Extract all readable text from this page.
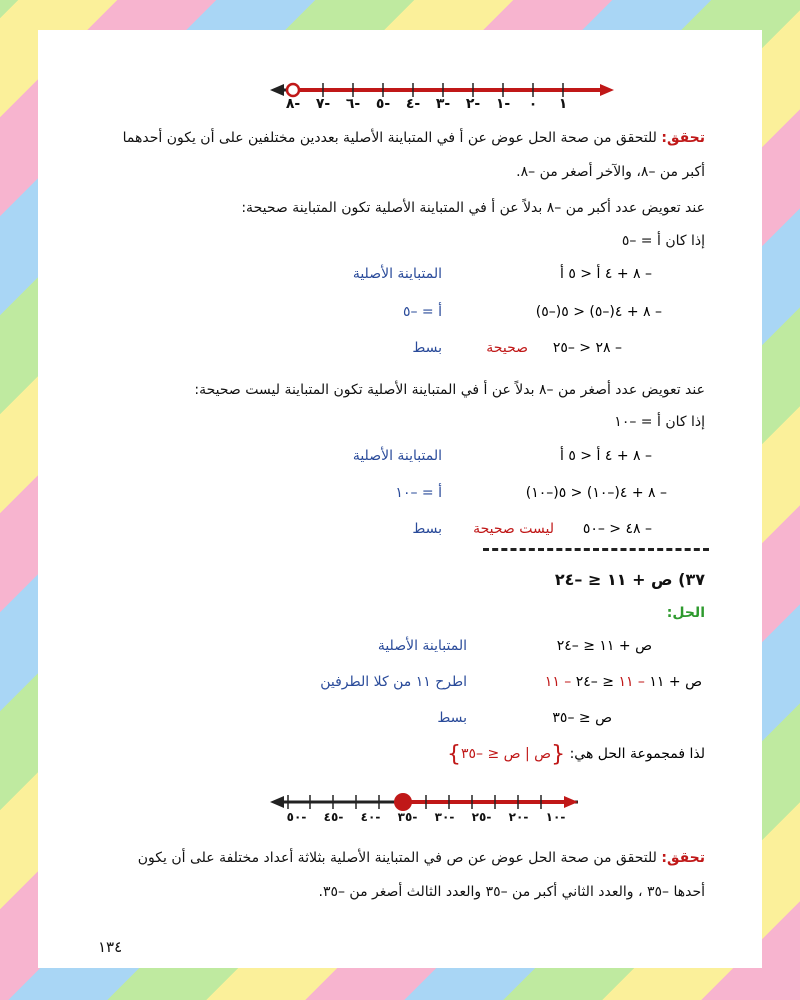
٨-	٧-	٦-	٥-	٤-	٣-	٢-	١-	٠	١
تحقق: للتحقق من صحة الحل عوض عن أ في المتباينة الأصلية بعددين مختلفين على أن يكون أحدهما
أكبر من –٨، والآخر أصغر من –٨.
عند تعويض عدد أكبر من –٨ بدلاً عن أ في المتباينة الأصلية تكون المتباينة صحيحة:
إذا كان أ = –٥
– ٨ + ٤ أ < ٥ أ
المتباينة الأصلية
– ٨ + ٤(–٥) < ٥(–٥)
أ = –٥
– ٢٨ < –٢٥
صحيحة
بسط
عند تعويض عدد أصغر من –٨ بدلاً عن أ في المتباينة الأصلية تكون المتباينة ليست صحيحة:
إذا كان أ = –١٠
– ٨ + ٤ أ < ٥ أ
المتباينة الأصلية
– ٨ + ٤(–١٠) < ٥(–١٠)
أ = –١٠
– ٤٨ < –٥٠
ليست صحيحة
بسط
٣٧) ص + ١١ ≤ –٢٤
الحل:
ص + ١١ ≤ –٢٤
المتباينة الأصلية
ص + ١١ – ١١ ≤ –٢٤ – ١١
اطرح ١١ من كلا الطرفين
ص ≤ –٣٥
بسط
لذا فمجموعة الحل هي: {ص | ص ≤ –٣٥}
٥٠-	٤٥-	٤٠-	٣٥-	٣٠-	٢٥-	٢٠-	١٠-
تحقق: للتحقق من صحة الحل عوض عن ص في المتباينة الأصلية بثلاثة أعداد مختلفة على أن يكون
أحدها –٣٥ ، والعدد الثاني أكبر من –٣٥ والعدد الثالث أصغر من –٣٥.
١٣٤
